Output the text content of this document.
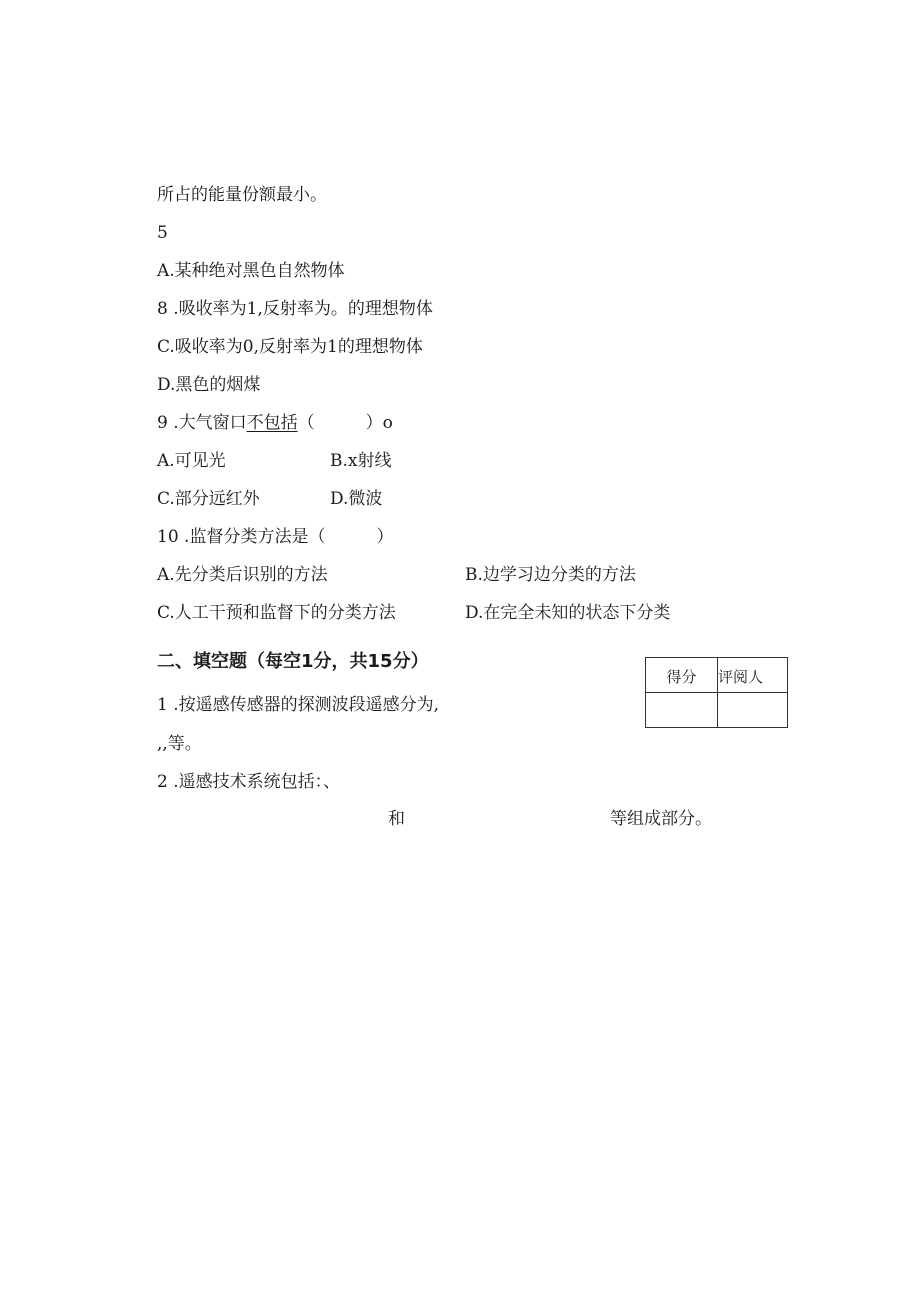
所占的能量份额最小。
5
A.某种绝对黑色自然物体
8 .吸收率为1,反射率为。的理想物体
C.吸收率为0,反射率为1的理想物体
D.黑色的烟煤
9 .大气窗口不包括（　　　）o
A.可见光	B.x射线
C.部分远红外	D.微波
10 .监督分类方法是（　　　）
A.先分类后识别的方法	B.边学习边分类的方法
C.人工干预和监督下的分类方法	D.在完全未知的状态下分类
二、填空题（每空1分，共15分）
得分	评阅人
1 .按遥感传感器的探测波段遥感分为,
,,等。
2 .遥感技术系统包括：、
和	等组成部分。
